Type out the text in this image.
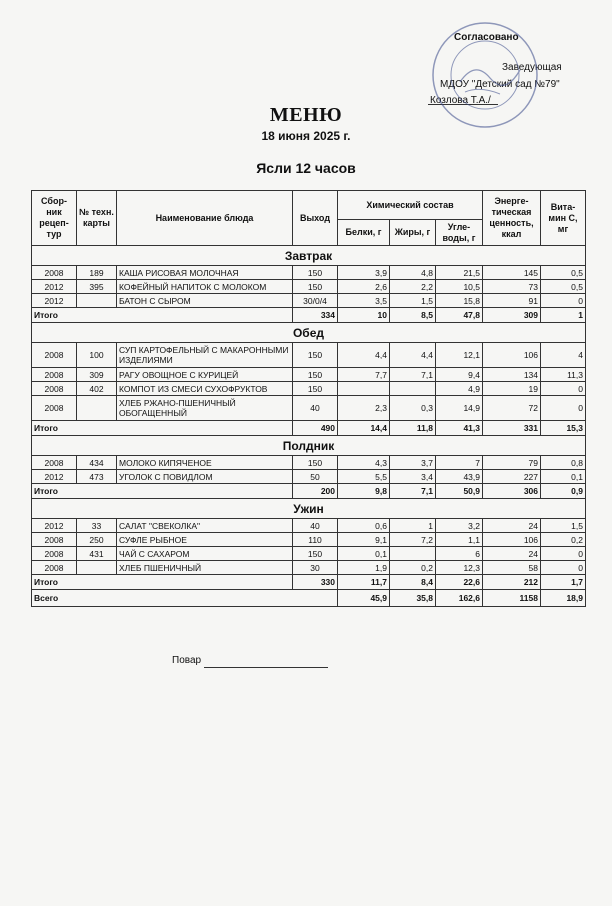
Согласовано
Заведующая
МДОУ "Детский сад №79"
Козлова Т.А./
МЕНЮ
18 июня 2025 г.
Ясли 12 часов
Сбор-ник рецеп-тур	№ техн. карты	Наименование блюда	Выход	Химический состав			Энерге-тическая ценность, ккал	Вита-мин С, мг
				Белки, г	Жиры, г	Угле-воды, г		
Завтрак								
2008	189	КАША РИСОВАЯ МОЛОЧНАЯ	150	3,9	4,8	21,5	145	0,5
2012	395	КОФЕЙНЫЙ НАПИТОК С МОЛОКОМ	150	2,6	2,2	10,5	73	0,5
2012		БАТОН С СЫРОМ	30/0/4	3,5	1,5	15,8	91	0
Итого			334	10	8,5	47,8	309	1
Обед								
2008	100	СУП КАРТОФЕЛЬНЫЙ С МАКАРОННЫМИ ИЗДЕЛИЯМИ	150	4,4	4,4	12,1	106	4
2008	309	РАГУ ОВОЩНОЕ С КУРИЦЕЙ	150	7,7	7,1	9,4	134	11,3
2008	402	КОМПОТ ИЗ СМЕСИ СУХОФРУКТОВ	150			4,9	19	0
2008		ХЛЕБ РЖАНО-ПШЕНИЧНЫЙ ОБОГАЩЕННЫЙ	40	2,3	0,3	14,9	72	0
Итого			490	14,4	11,8	41,3	331	15,3
Полдник								
2008	434	МОЛОКО КИПЯЧЕНОЕ	150	4,3	3,7	7	79	0,8
2012	473	УГОЛОК С ПОВИДЛОМ	50	5,5	3,4	43,9	227	0,1
Итого			200	9,8	7,1	50,9	306	0,9
Ужин								
2012	33	САЛАТ "СВЕКОЛКА"	40	0,6	1	3,2	24	1,5
2008	250	СУФЛЕ РЫБНОЕ	110	9,1	7,2	1,1	106	0,2
2008	431	ЧАЙ С САХАРОМ	150	0,1		6	24	0
2008		ХЛЕБ ПШЕНИЧНЫЙ	30	1,9	0,2	12,3	58	0
Итого			330	11,7	8,4	22,6	212	1,7
Всего				45,9	35,8	162,6	1158	18,9
Повар
